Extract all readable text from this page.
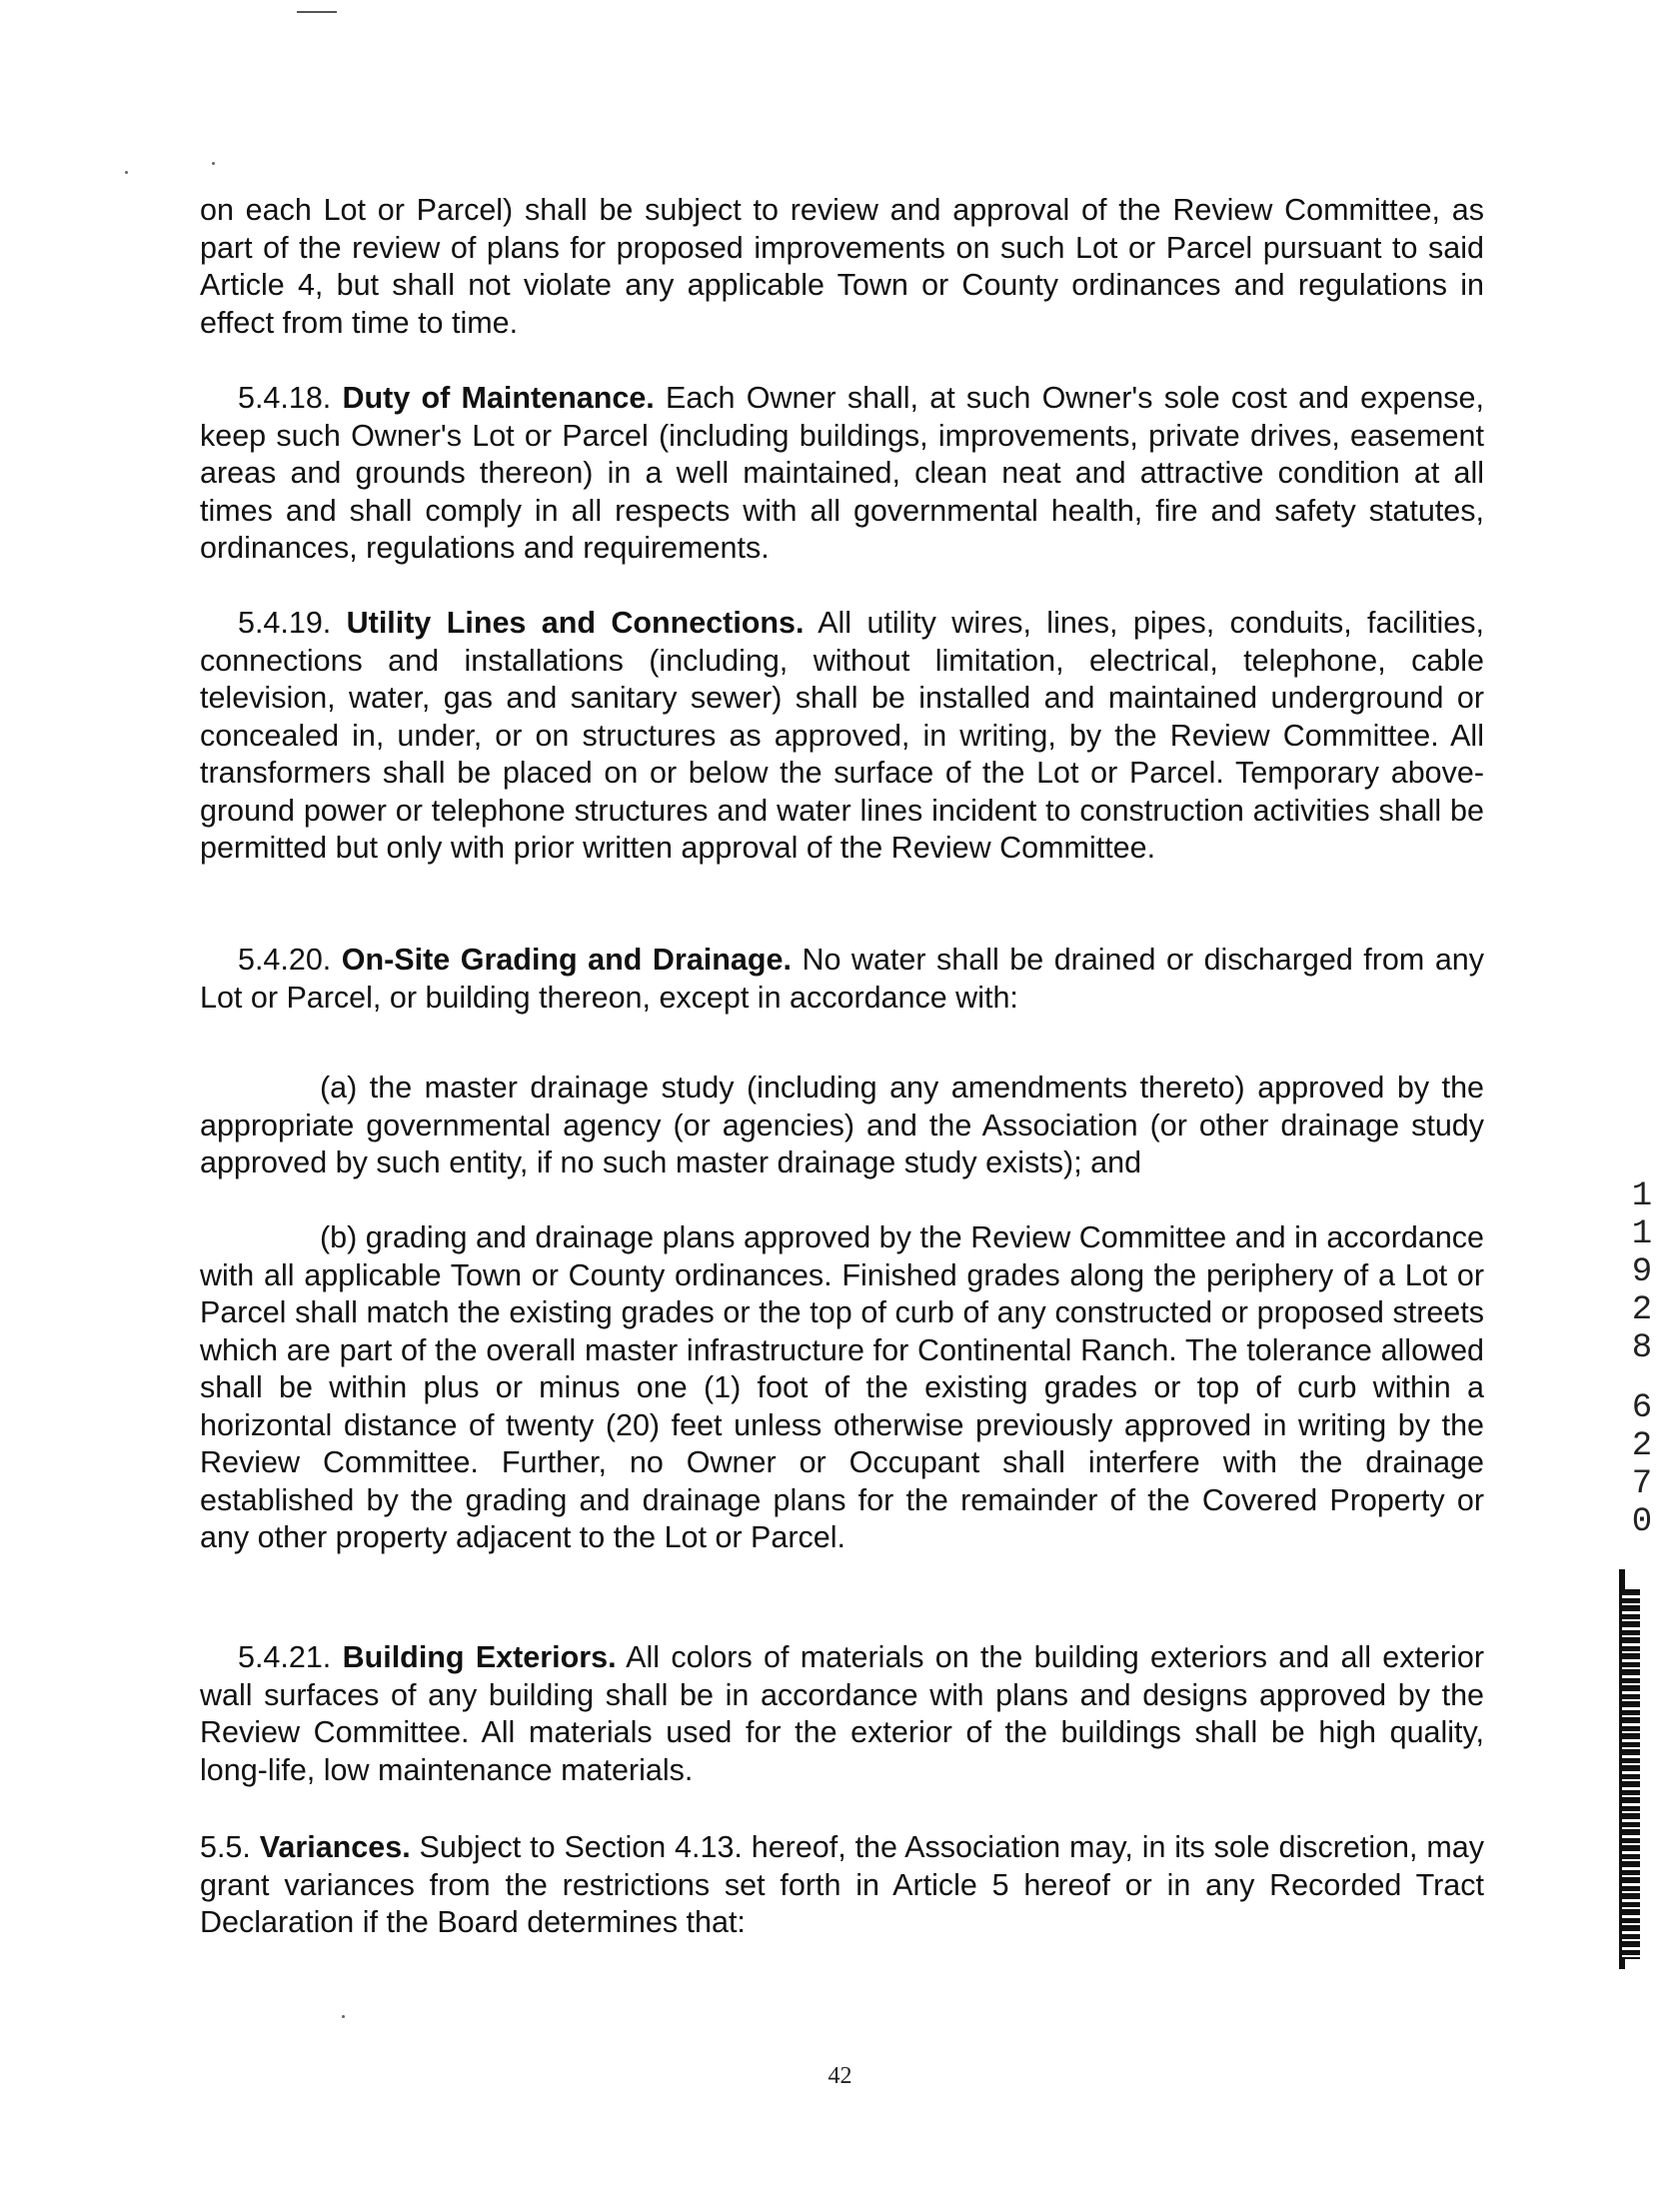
on each Lot or Parcel) shall be subject to review and approval of the Review Committee, as part of the review of plans for proposed improvements on such Lot or Parcel pursuant to said Article 4, but shall not violate any applicable Town or County ordinances and regulations in effect from time to time.

5.4.18. Duty of Maintenance. Each Owner shall, at such Owner's sole cost and expense, keep such Owner's Lot or Parcel (including buildings, improvements, private drives, easement areas and grounds thereon) in a well maintained, clean neat and attractive condition at all times and shall comply in all respects with all governmental health, fire and safety statutes, ordinances, regulations and requirements.

5.4.19. Utility Lines and Connections. All utility wires, lines, pipes, conduits, facilities, connections and installations (including, without limitation, electrical, telephone, cable television, water, gas and sanitary sewer) shall be installed and maintained underground or concealed in, under, or on structures as approved, in writing, by the Review Committee. All transformers shall be placed on or below the surface of the Lot or Parcel. Temporary above-ground power or telephone structures and water lines incident to construction activities shall be permitted but only with prior written approval of the Review Committee.

5.4.20. On-Site Grading and Drainage. No water shall be drained or discharged from any Lot or Parcel, or building thereon, except in accordance with:

(a) the master drainage study (including any amendments thereto) approved by the appropriate governmental agency (or agencies) and the Association (or other drainage study approved by such entity, if no such master drainage study exists); and

(b) grading and drainage plans approved by the Review Committee and in accordance with all applicable Town or County ordinances. Finished grades along the periphery of a Lot or Parcel shall match the existing grades or the top of curb of any constructed or proposed streets which are part of the overall master infrastructure for Continental Ranch. The tolerance allowed shall be within plus or minus one (1) foot of the existing grades or top of curb within a horizontal distance of twenty (20) feet unless otherwise previously approved in writing by the Review Committee. Further, no Owner or Occupant shall interfere with the drainage established by the grading and drainage plans for the remainder of the Covered Property or any other property adjacent to the Lot or Parcel.

5.4.21. Building Exteriors. All colors of materials on the building exteriors and all exterior wall surfaces of any building shall be in accordance with plans and designs approved by the Review Committee. All materials used for the exterior of the buildings shall be high quality, long-life, low maintenance materials.

5.5. Variances. Subject to Section 4.13. hereof, the Association may, in its sole discretion, may grant variances from the restrictions set forth in Article 5 hereof or in any Recorded Tract Declaration if the Board determines that:

1
1
9
2
8
6
2
7
0
42
